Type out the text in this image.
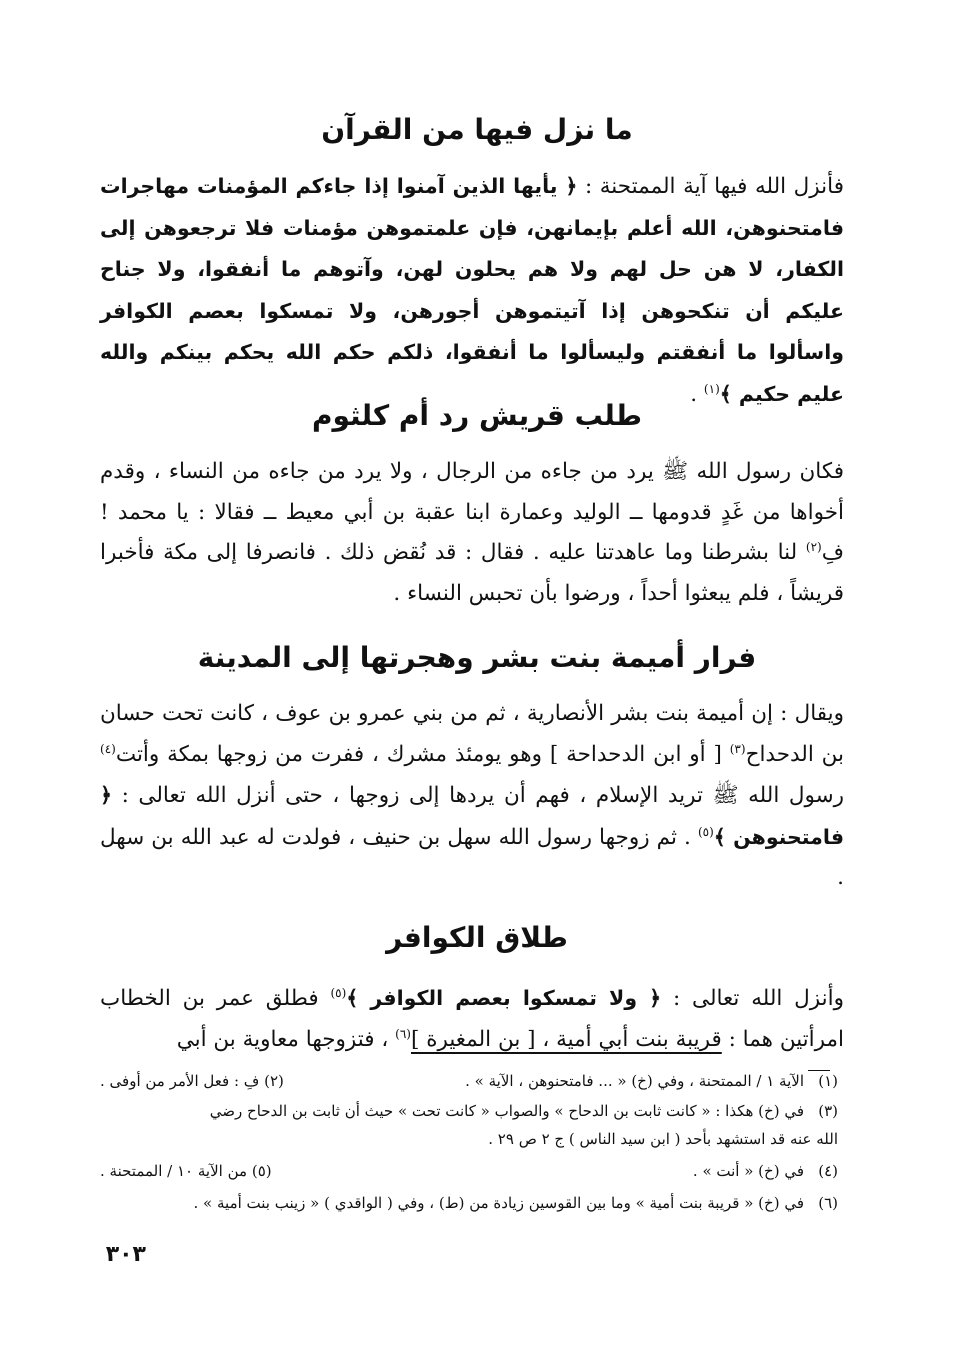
ما نزل فيها من القرآن
فأنزل الله فيها آية الممتحنة : ﴿ يأيها الذين آمنوا إذا جاءكم المؤمنات مهاجرات فامتحنوهن، الله أعلم بإيمانهن، فإن علمتموهن مؤمنات فلا ترجعوهن إلى الكفار، لا هن حل لهم ولا هم يحلون لهن، وآتوهم ما أنفقوا، ولا جناح عليكم أن تنكحوهن إذا آتيتموهن أجورهن، ولا تمسكوا بعصم الكوافر واسألوا ما أنفقتم وليسألوا ما أنفقوا، ذلكم حكم الله يحكم بينكم والله عليم حكيم ﴾$^{(١)}$ .
طلب قريش رد أم كلثوم
فكان رسول الله ﷺ يرد من جاءه من الرجال ، ولا يرد من جاءه من النساء ، وقدم أخواها من غَدٍ قدومها ــ الوليد وعمارة ابنا عقبة بن أبي معيط ــ فقالا : يا محمد ! فِ$^{(٢)}$ لنا بشرطنا وما عاهدتنا عليه . فقال : قد نُقض ذلك . فانصرفا إلى مكة فأخبرا قريشاً ، فلم يبعثوا أحداً ، ورضوا بأن تحبس النساء .
فرار أميمة بنت بشر وهجرتها إلى المدينة
ويقال : إن أميمة بنت بشر الأنصارية ، ثم من بني عمرو بن عوف ، كانت تحت حسان بن الدحداح$^{(٣)}$ [ أو ابن الدحداحة ] وهو يومئذ مشرك ، ففرت من زوجها بمكة وأتت$^{(٤)}$ رسول الله ﷺ تريد الإسلام ، فهم أن يردها إلى زوجها ، حتى أنزل الله تعالى : ﴿ فامتحنوهن ﴾$^{(٥)}$ . ثم زوجها رسول الله سهل بن حنيف ، فولدت له عبد الله بن سهل .
طلاق الكوافر
وأنزل الله تعالى : ﴿ ولا تمسكوا بعصم الكوافر ﴾$^{(٥)}$ فطلق عمر بن الخطاب امرأتين هما : قريبة بنت أبي أمية ، [ بن المغيرة ]$^{(٦)}$ ، فتزوجها معاوية بن أبي
(١)الآية ١ / الممتحنة ، وفي (خ) « ... فامتحنوهن ، الآية » .
(٢) فِ : فعل الأمر من أوفى .
(٣)في (خ) هكذا : « كانت ثابت بن الدحاح » والصواب « كانت تحت » حيث أن ثابت بن الدحاح رضي
الله عنه قد استشهد بأحد ( ابن سيد الناس ) ج ٢ ص ٢٩ .
(٤)في (خ) « أنت » .
(٥) من الآية ١٠ / الممتحنة .
(٦)في (خ) « قريبة بنت أمية » وما بين القوسين زيادة من (ط) ، وفي ( الواقدي ) « زينب بنت أمية » .
٣٠٣
